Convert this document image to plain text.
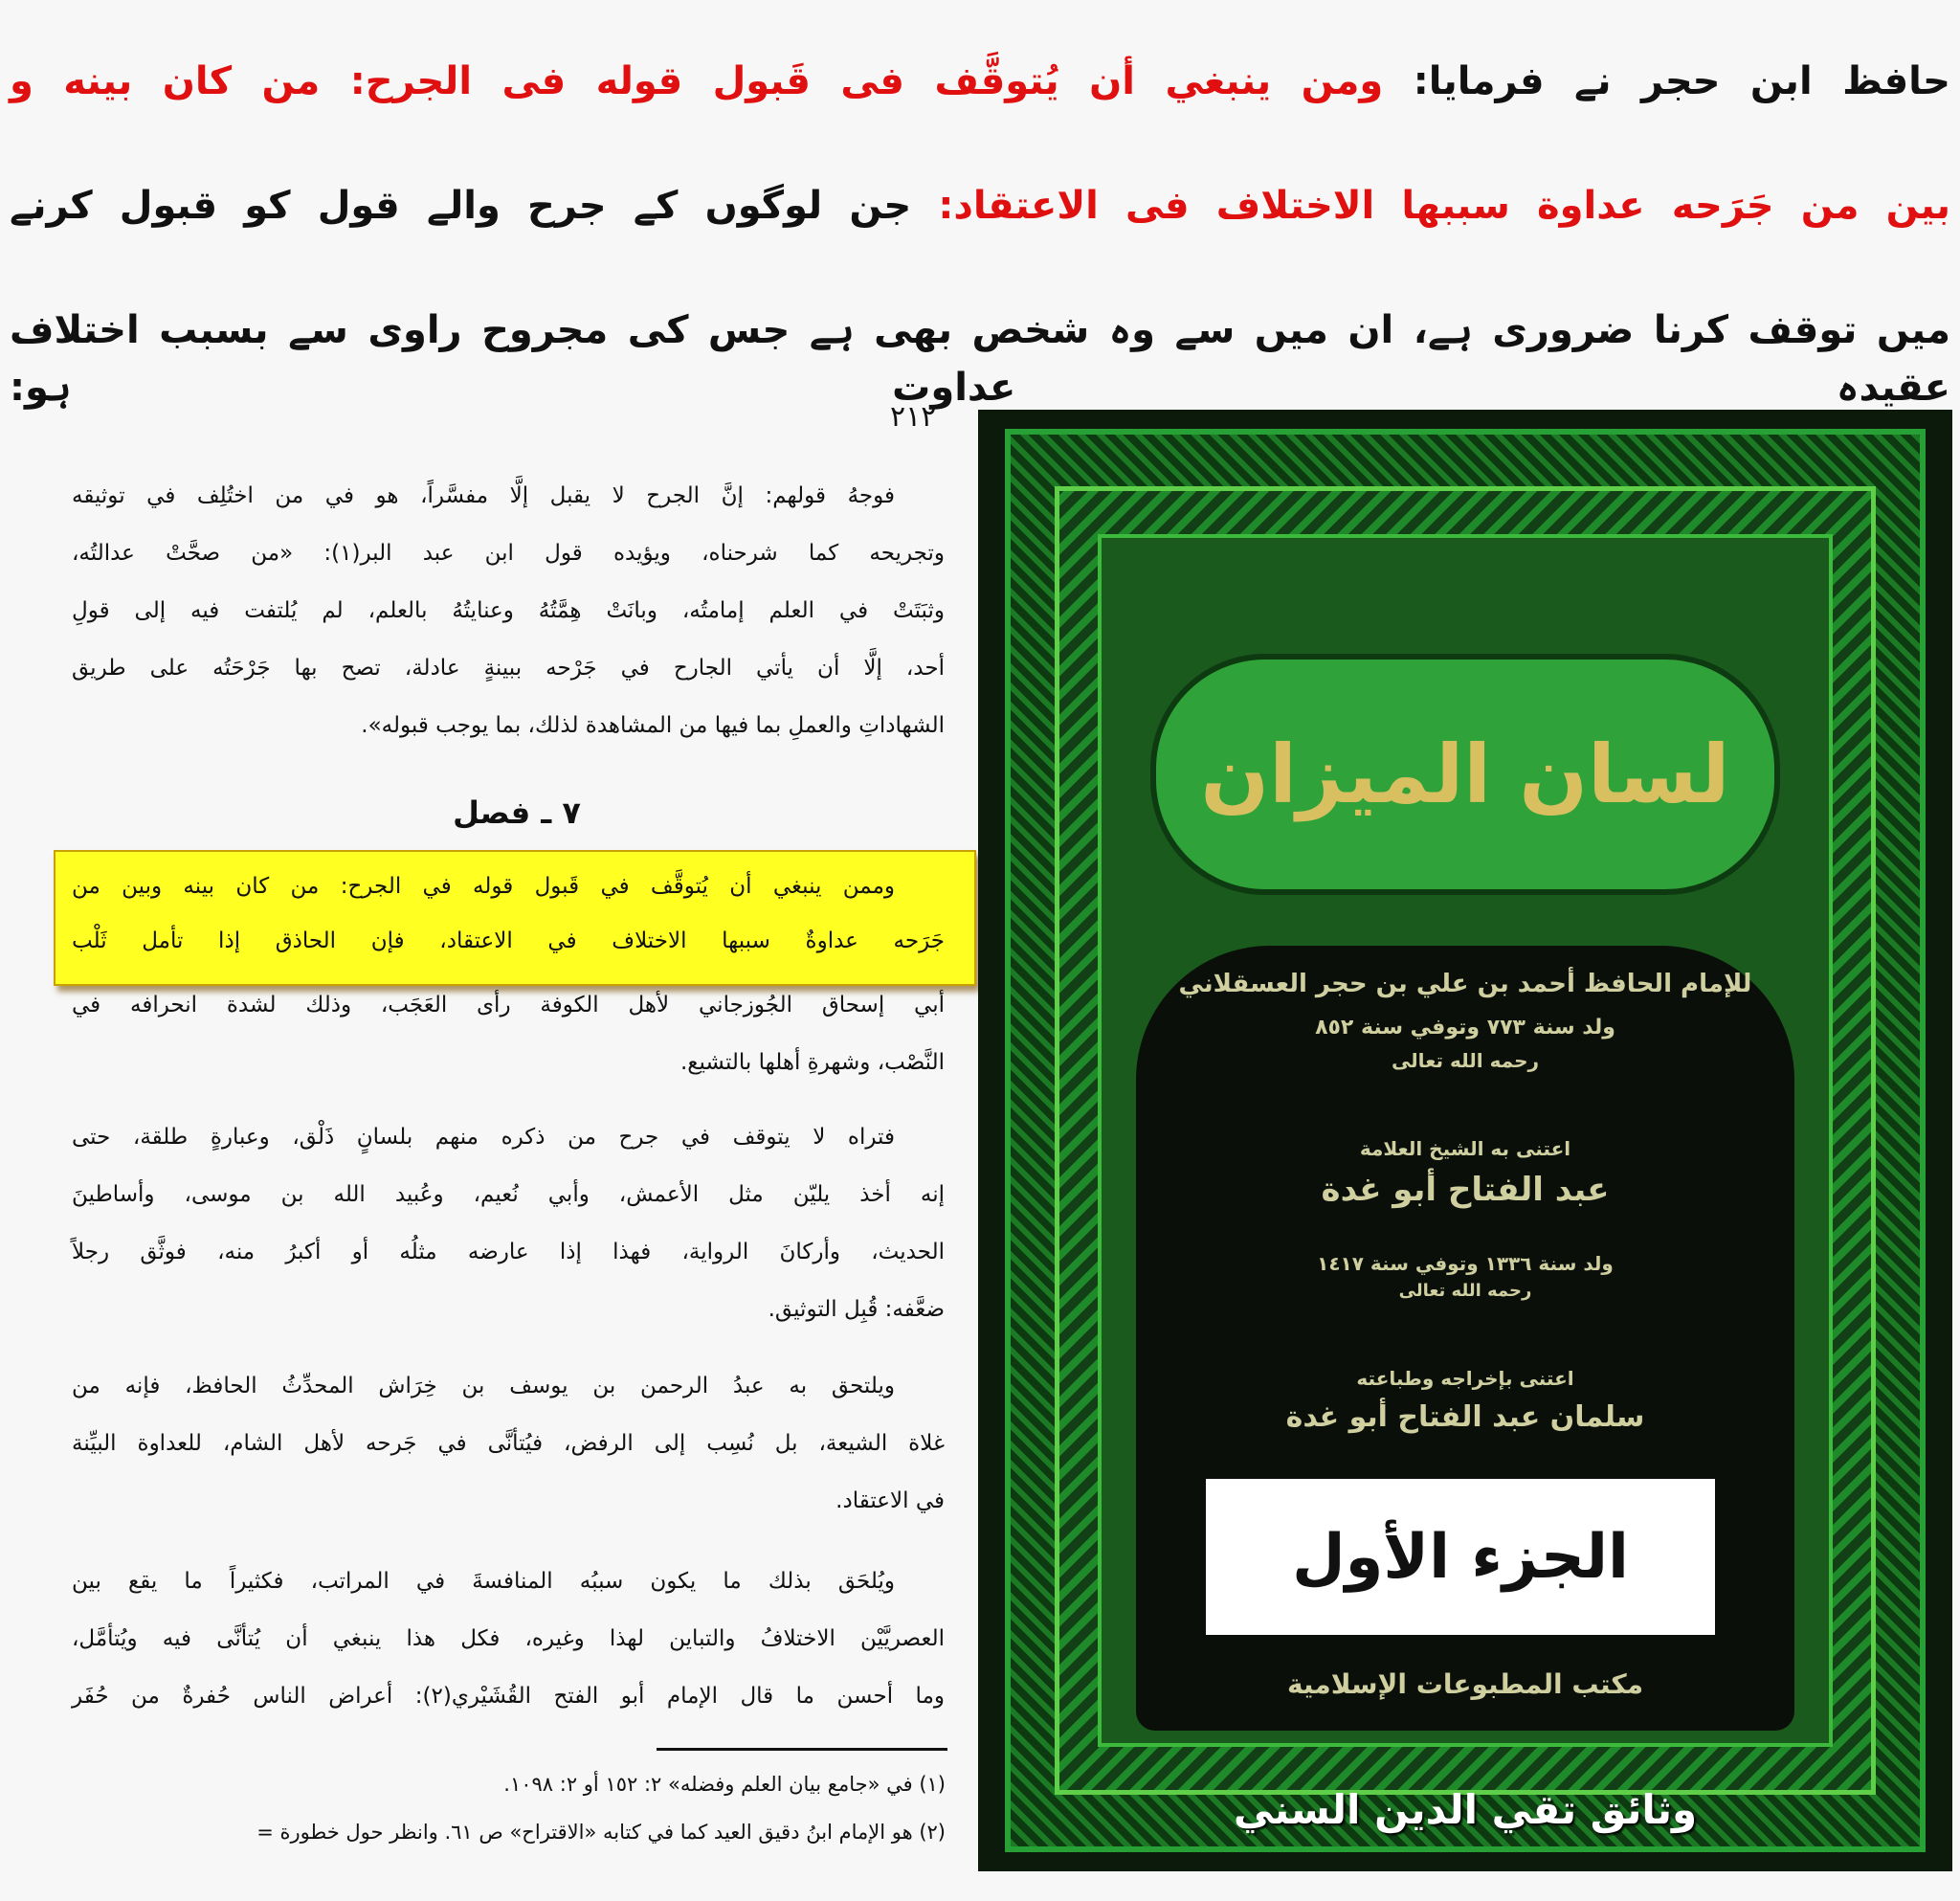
حافظ ابن حجر نے فرمایا: ومن ينبغي أن يُتوقَّف فی قَبول قوله فی الجرح: من كان بينه و
بين من جَرَحه عداوة سببها الاختلاف فی الاعتقاد: جن لوگوں کے جرح والے قول کو قبول کرنے
میں توقف کرنا ضروری ہے، ان میں سے وہ شخص بھی ہے جس کی مجروح راوی سے بسبب اختلاف عقیدہ عداوت ہو:
٢١٢
فوجهُ قولهم: إنَّ الجرح لا يقبل إلَّا مفسَّراً، هو في من اختُلِف في توثيقه
وتجريحه كما شرحناه، ويؤيده قول ابن عبد البر(١): «من صحَّتْ عدالتُه،
وثبَتَتْ في العلم إمامتُه، وبانَتْ هِمَّتُهُ وعنايتُهُ بالعلم، لم يُلتفت فيه إلى قولِ
أحد، إلَّا أن يأتي الجارح في جَرْحه ببينةٍ عادلة، تصح بها جَرْحَتُه على طريق
الشهاداتِ والعملِ بما فيها من المشاهدة لذلك، بما يوجب قبوله».
٧ ـ فصل
وممن ينبغي أن يُتوقَّف في قَبول قوله في الجرح: من كان بينه وبين من
جَرَحه عداوةٌ سببها الاختلاف في الاعتقاد، فإن الحاذق إذا تأمل ثَلْب
أبي إسحاق الجُوزجاني لأهل الكوفة رأى العَجَب، وذلك لشدة انحرافه في
النَّصْب، وشهرةِ أهلها بالتشيع.
فتراه لا يتوقف في جرح من ذكره منهم بلسانٍ ذَلْق، وعبارةٍ طلقة، حتى
إنه أخذ يليّن مثل الأعمش، وأبي نُعيم، وعُبيد الله بن موسى، وأساطينَ
الحديث، وأركانَ الرواية، فهذا إذا عارضه مثلُه أو أكبرُ منه، فوثَّق رجلاً
ضعَّفه: قُبِل التوثيق.
ويلتحق به عبدُ الرحمن بن يوسف بن خِرَاش المحدِّثُ الحافظ، فإنه من
غلاة الشيعة، بل نُسِب إلى الرفض، فيُتأنَّى في جَرحه لأهل الشام، للعداوة البيِّنة
في الاعتقاد.
ويُلحَق بذلك ما يكون سببُه المنافسةَ في المراتب، فكثيراً ما يقع بين
العصريَّيْن الاختلافُ والتباين لهذا وغيره، فكل هذا ينبغي أن يُتأنَّى فيه ويُتأمَّل،
وما أحسن ما قال الإمام أبو الفتح القُشَيْري(٢): أعراض الناس حُفرةٌ من حُفَر
(١) في «جامع بيان العلم وفضله» ٢: ١٥٢ أو ٢: ١٠٩٨.
(٢) هو الإمام ابنُ دقيق العيد كما في كتابه «الاقتراح» ص ٦١. وانظر حول خطورة =
لسان الميزان
للإمام الحافظ أحمد بن علي بن حجر العسقلاني
ولد سنة ٧٧٣ وتوفي سنة ٨٥٢
رحمه الله تعالى
اعتنى به الشيخ العلامة
عبد الفتاح أبو غدة
ولد سنة ١٣٣٦ وتوفي سنة ١٤١٧
رحمه الله تعالى
اعتنى بإخراجه وطباعته
سلمان عبد الفتاح أبو غدة
الجزء الأول
مكتب المطبوعات الإسلامية
وثائق تقي الدين السني
